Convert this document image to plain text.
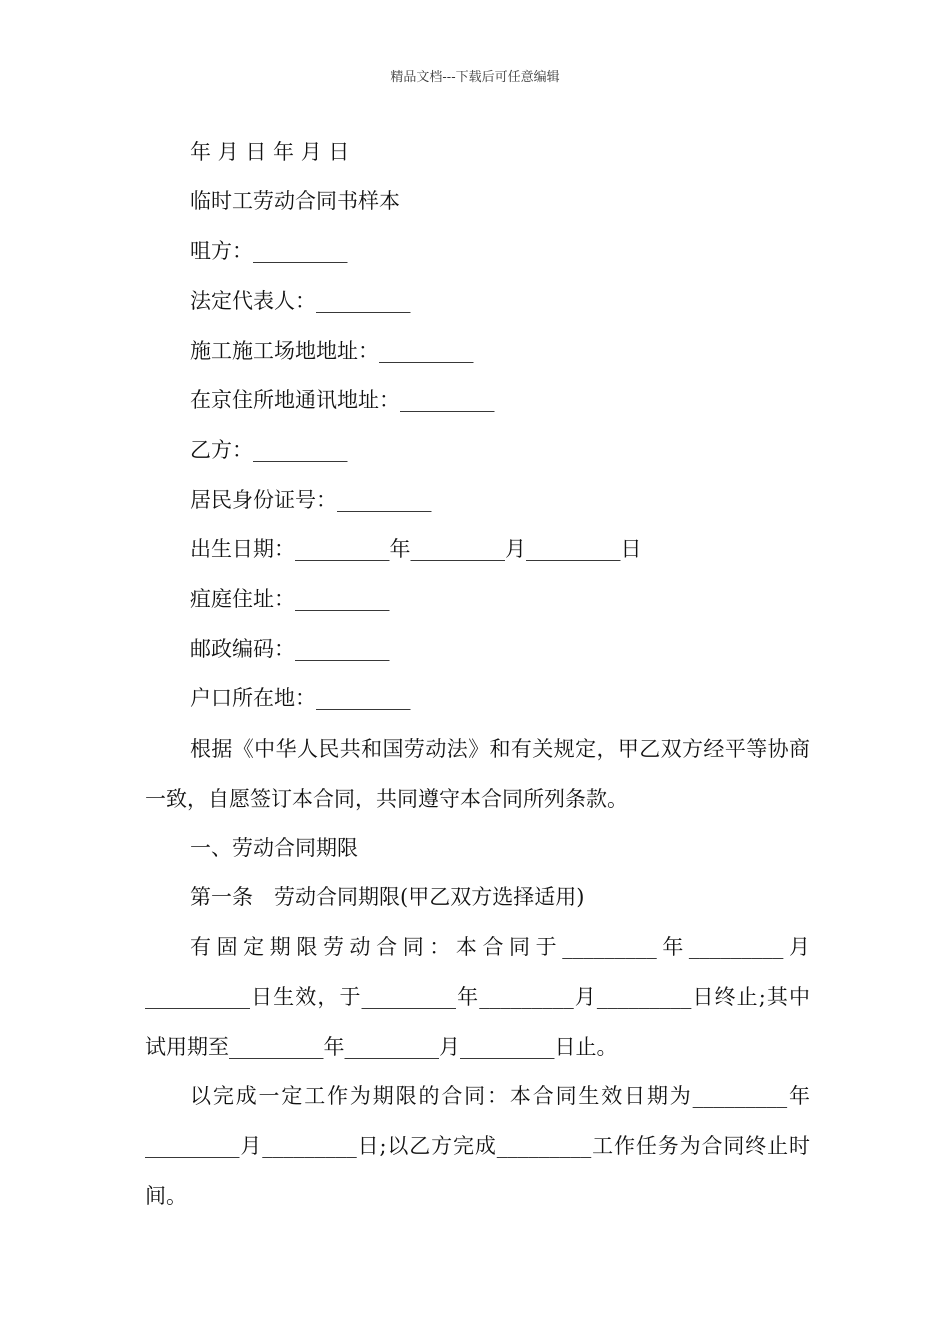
精品文档---下载后可任意编辑
年 月 日 年 月 日
临时工劳动合同书样本
咀方：_________
法定代表人：_________
施工施工场地地址：_________
在京住所地通讯地址：_________
乙方：_________
居民身份证号：_________
出生日期：_________年_________月_________日
疽庭住址：_________
邮政编码：_________
户口所在地：_________
根据《中华人民共和国劳动法》和有关规定，甲乙双方经平等协商一致，自愿签订本合同，共同遵守本合同所列条款。
一、劳动合同期限
第一条　劳动合同期限(甲乙双方选择适用)
有固定期限劳动合同：本合同于_________年_________月__________日生效，于_________年_________月_________日终止;其中试用期至_________年_________月_________日止。
以完成一定工作为期限的合同：本合同生效日期为_________年_________月_________日;以乙方完成_________工作任务为合同终止时间。
